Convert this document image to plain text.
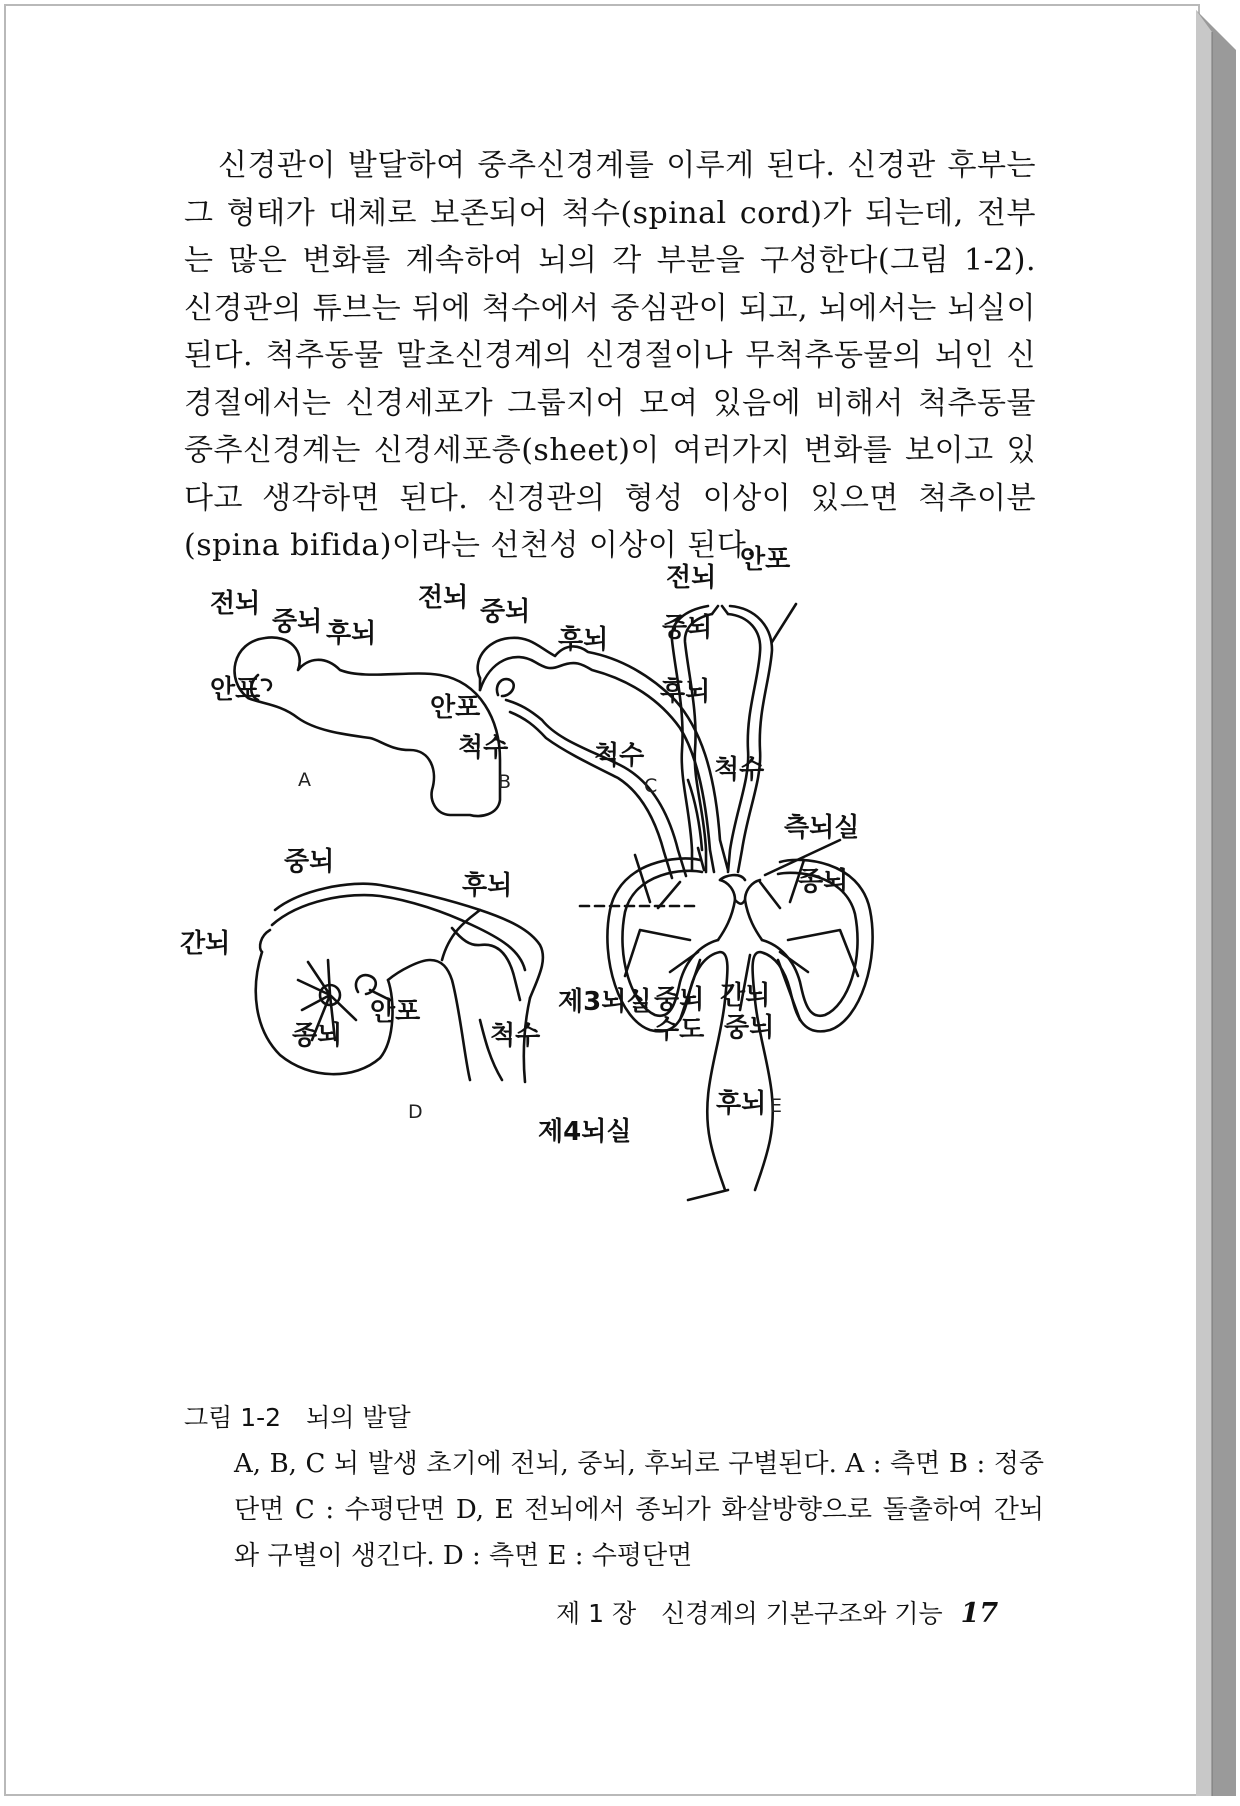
신경관이 발달하여 중추신경계를 이루게 된다. 신경관 후부는 그 형태가 대체로 보존되어 척수(spinal cord)가 되는데, 전부는 많은 변화를 계속하여 뇌의 각 부분을 구성한다(그림 1-2). 신경관의 튜브는 뒤에 척수에서 중심관이 되고, 뇌에서는 뇌실이 된다. 척추동물 말초신경계의 신경절이나 무척추동물의 뇌인 신경절에서는 신경세포가 그룹지어 모여 있음에 비해서 척추동물 중추신경계는 신경세포층(sheet)이 여러가지 변화를 보이고 있다고 생각하면 된다. 신경관의 형성 이상이 있으면 척추이분(spina bifida)이라는 선천성 이상이 된다.

전뇌
중뇌 후뇌
안포
척수
A
전뇌 중뇌
후뇌
안포
척수
B
안포
전뇌
중뇌
후뇌
척수
C
중뇌
후뇌
간뇌
안포
종뇌	척수
D
측뇌실
종뇌
제3뇌실 중뇌
수도
간뇌
중뇌
후뇌 E
제4뇌실

그림 1-2　뇌의 발달

A, B, C 뇌 발생 초기에 전뇌, 중뇌, 후뇌로 구별된다. A : 측면 B : 정중단면 C : 수평단면 D, E 전뇌에서 종뇌가 화살방향으로 돌출하여 간뇌와 구별이 생긴다. D : 측면 E : 수평단면

제 1 장　신경계의 기본구조와 기능 17
